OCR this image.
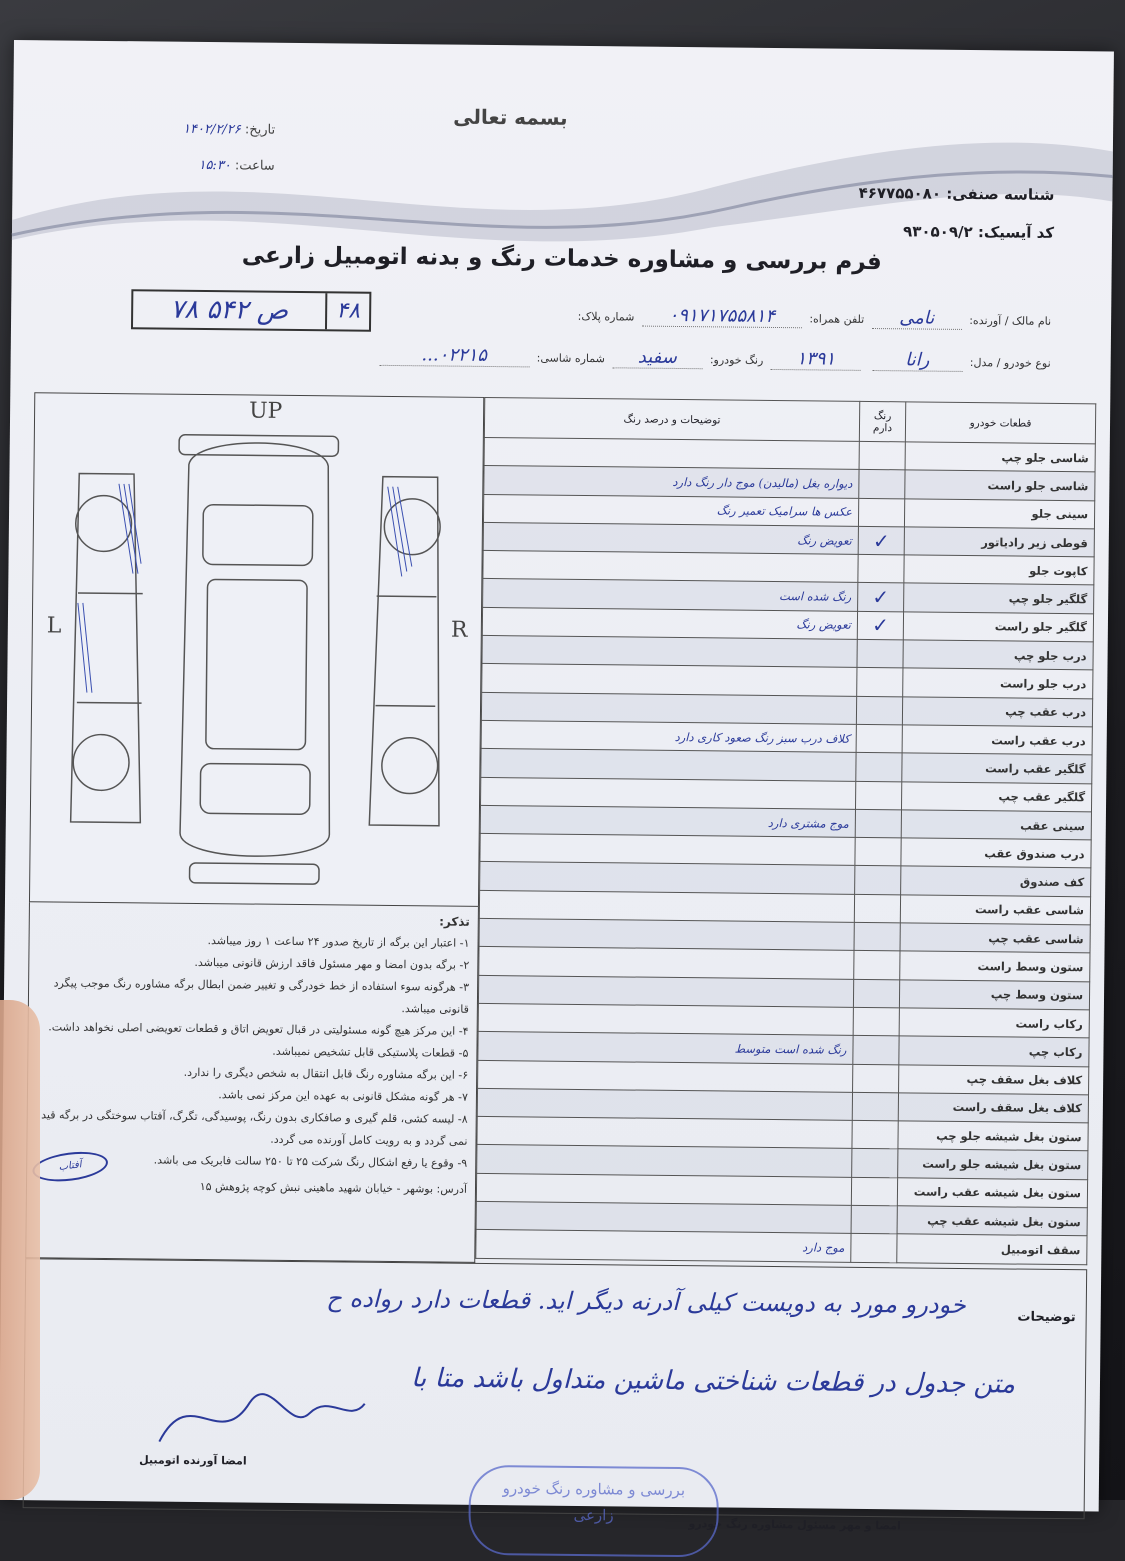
بسمه تعالی
تاریخ: ۱۴۰۲/۲/۲۶
ساعت: ۱۵:۳۰
شناسه صنفی: ۴۶۷۷۵۵۰۸۰
کد آیسیک: ۹۳۰۵۰۹/۲
فرم بررسی و مشاوره خدمات رنگ و بدنه اتومبیل زارعی
نام مالک / آورنده: نامی تلفن همراه: ۰۹۱۷۱۷۵۵۸۱۴ شماره پلاک:
۷۸ ص ۵۴۲	۴۸
نوع خودرو / مدل: رانا ۱۳۹۱ رنگ خودرو: سفید شماره شاسی: ۰۲۲۱۵...
UP
L	R
قطعات خودرو	رنگ دارم	توضیحات و درصد رنگ
شاسی جلو چپ		
شاسی جلو راست		دیواره بغل (مالیدن) موج دار رنگ دارد
سینی جلو		عکس ها سرامیک تعمیر رنگ
قوطی زیر رادیاتور	✓	تعویض رنگ
کاپوت جلو		
گلگیر جلو چپ	✓	رنگ شده است
گلگیر جلو راست	✓	تعویض رنگ
درب جلو چپ		
درب جلو راست		
درب عقب چپ		
درب عقب راست		کلاف درب سبز رنگ صعود کاری دارد
گلگیر عقب راست		
گلگیر عقب چپ		
سینی عقب		موج مشتری دارد
درب صندوق عقب		
کف صندوق		
شاسی عقب راست		
شاسی عقب چپ		
ستون وسط راست		
ستون وسط چپ		
رکاب راست		
رکاب چپ		رنگ شده است متوسط
کلاف بغل سقف چپ		
کلاف بغل سقف راست		
ستون بغل شیشه جلو چپ		
ستون بغل شیشه جلو راست		
ستون بغل شیشه عقب راست		
ستون بغل شیشه عقب چپ		
سقف اتومبیل		موج دارد
تذکر:
۱- اعتبار این برگه از تاریخ صدور ۲۴ ساعت ۱ روز میباشد.
۲- برگه بدون امضا و مهر مسئول فاقد ارزش قانونی میباشد.
۳- هرگونه سوء استفاده از خط خودرگی و تغییر ضمن ابطال برگه مشاوره رنگ موجب پیگرد قانونی میباشد.
۴- این مرکز هیچ گونه مسئولیتی در قبال تعویض اتاق و قطعات تعویضی اصلی نخواهد داشت.
۵- قطعات پلاستیکی قابل تشخیص نمیباشد.
۶- این برگه مشاوره رنگ قابل انتقال به شخص دیگری را ندارد.
۷- هر گونه مشکل قانونی به عهده این مرکز نمی باشد.
۸- لیسه کشی، قلم گیری و صافکاری بدون رنگ، پوسیدگی، تگرگ، آفتاب سوختگی در برگه قید نمی گردد و به رویت کامل آورنده می گردد.
۹- وقوع یا رفع اشکال رنگ شرکت ۲۵ تا ۲۵۰ سالت فابریک می باشد.
آدرس: بوشهر - خیابان شهید ماهینی نبش کوچه پژوهش ۱۵
آفتاب
توضیحات
خودرو مورد به دویست کیلی آدرنه دیگر اید. قطعات دارد رواده ح
متن جدول در قطعات شناختی ماشین متداول باشد متا با
امضا آورنده اتومبیل
امضا و مهر مسئول مشاوره رنگ خودرو
بررسی و مشاوره رنگ خودرو
زارعی
